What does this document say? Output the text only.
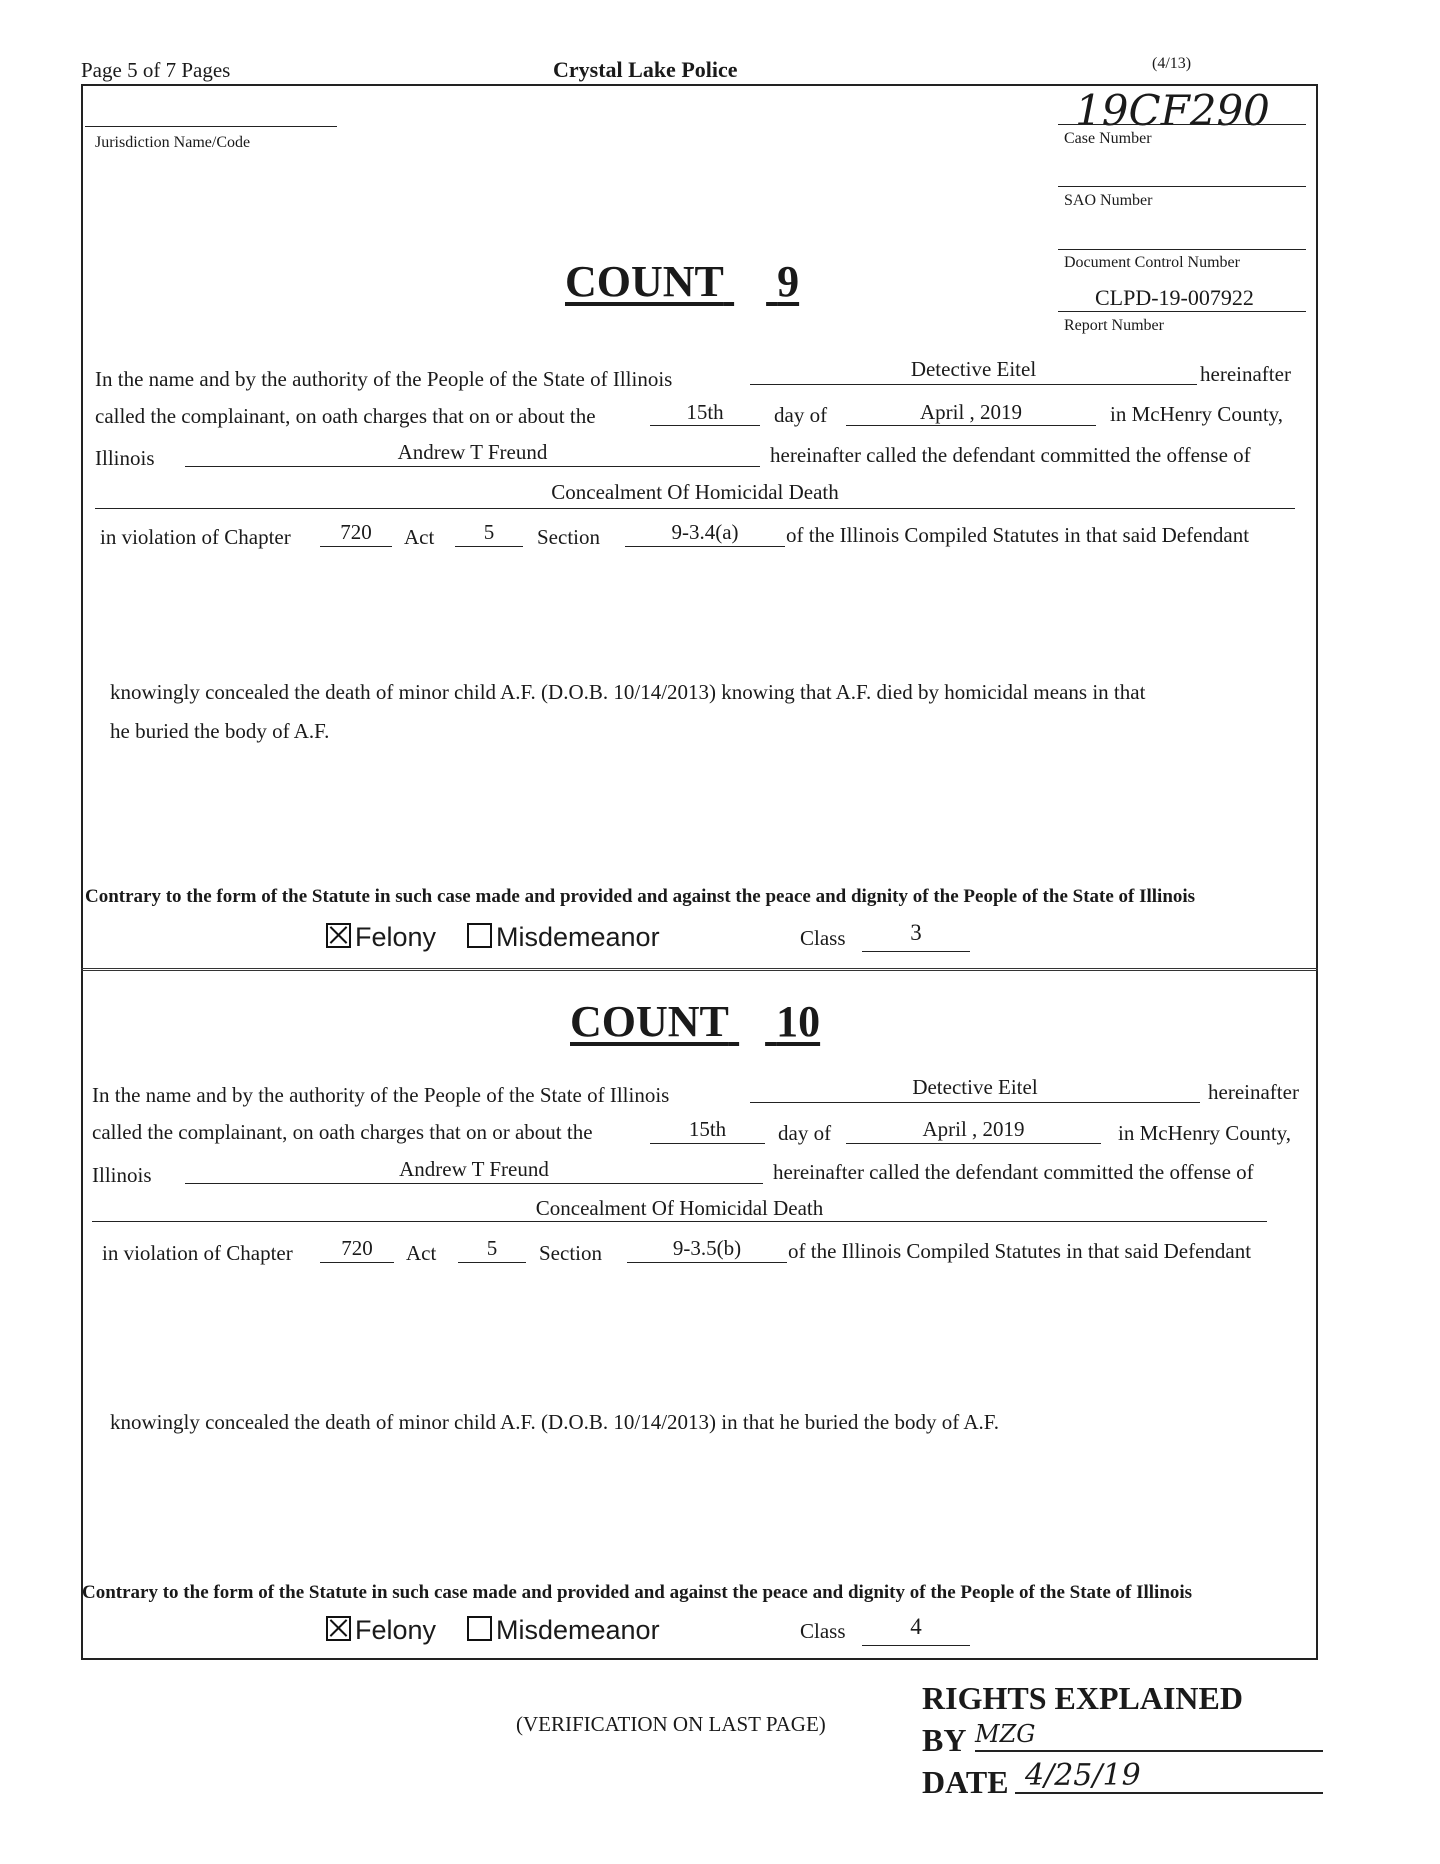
Page 5 of 7 Pages	Crystal Lake Police	(4/13)
Jurisdiction Name/Code
19CF290
Case Number
SAO Number
Document Control Number
CLPD-19-007922
Report Number
COUNT 9
In the name and by the authority of the People of the State of Illinois	Detective Eitel	hereinafter
called the complainant, on oath charges that on or about the	15th	day of	April , 2019	in McHenry County,
Illinois	Andrew T Freund	hereinafter called the defendant committed the offense of
Concealment Of Homicidal Death
in violation of Chapter	720	Act	5	Section	9-3.4(a)	of the Illinois Compiled Statutes in that said Defendant
knowingly concealed the death of minor child A.F. (D.O.B. 10/14/2013) knowing that A.F. died by homicidal means in that
he buried the body of A.F.
Contrary to the form of the Statute in such case made and provided and against the peace and dignity of the People of the State of Illinois
Felony	Misdemeanor	Class	3
COUNT 10
In the name and by the authority of the People of the State of Illinois	Detective Eitel	hereinafter
called the complainant, on oath charges that on or about the	15th	day of	April , 2019	in McHenry County,
Illinois	Andrew T Freund	hereinafter called the defendant committed the offense of
Concealment Of Homicidal Death
in violation of Chapter	720	Act	5	Section	9-3.5(b)	of the Illinois Compiled Statutes in that said Defendant
knowingly concealed the death of minor child A.F. (D.O.B. 10/14/2013) in that he buried the body of A.F.
Contrary to the form of the Statute in such case made and provided and against the peace and dignity of the People of the State of Illinois
Felony	Misdemeanor	Class	4
(VERIFICATION ON LAST PAGE)
RIGHTS EXPLAINED
BY MZG
DATE 4/25/19
